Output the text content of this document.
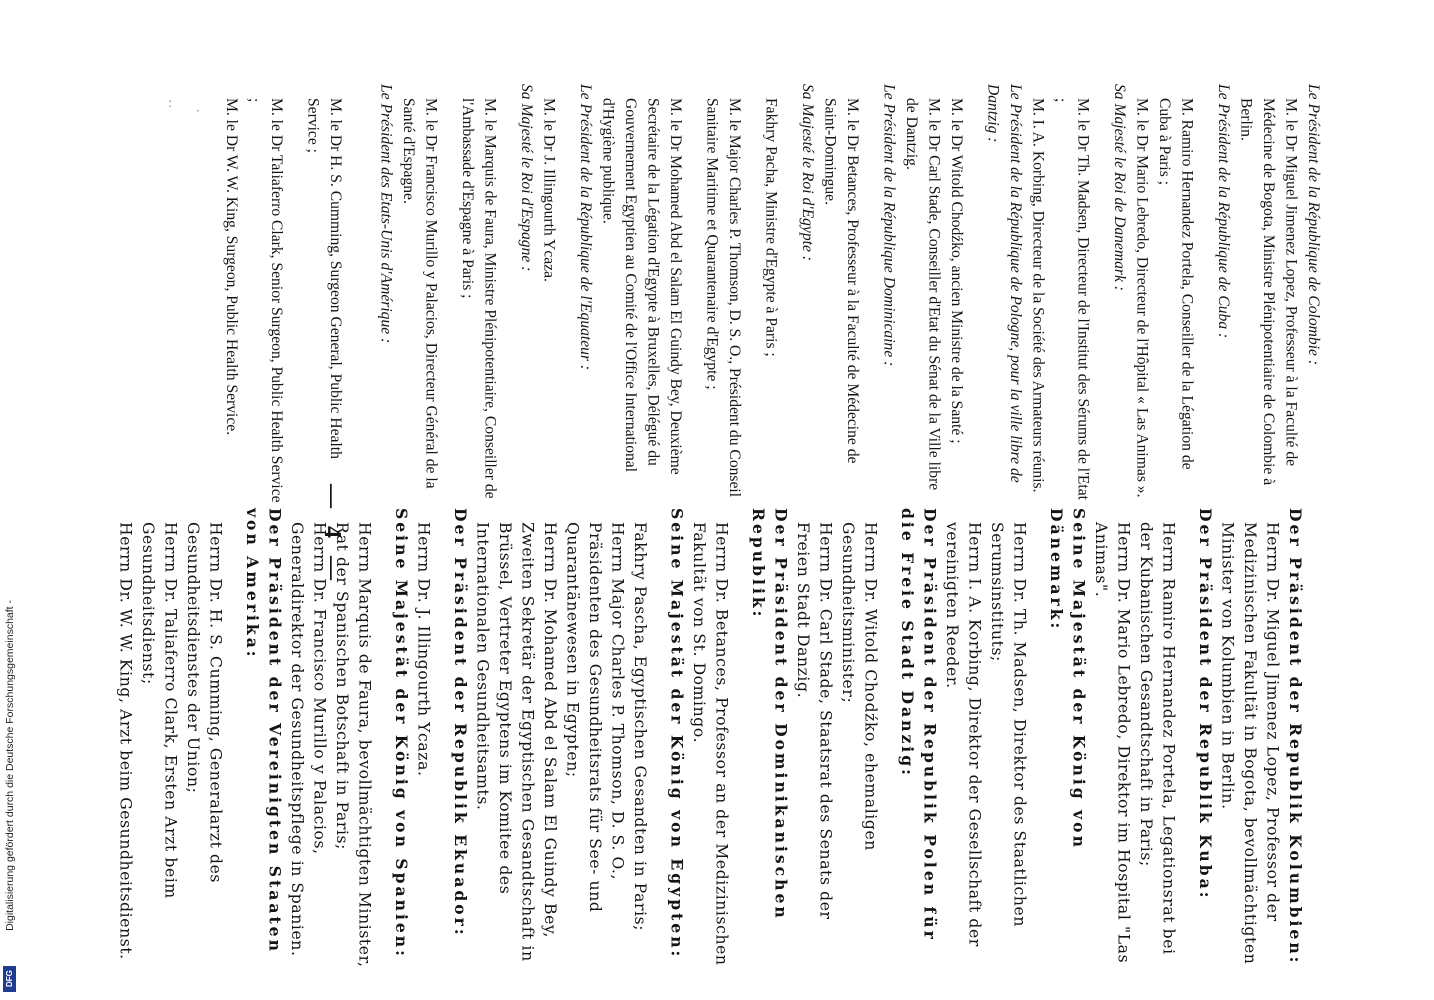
Le Président de la République de Colombie :

M. le Dr Miguel Jimenez Lopez, Professeur à la Faculté de Médecine de Bogota, Ministre Plénipotentiaire de Colombie à Berlin.

Le Président de la République de Cuba :

M. Ramiro Hernandez Portela, Conseiller de la Légation de Cuba à Paris ;

M. le Dr Mario Lebredo, Directeur de l'Hôpital « Las Animas ».

Sa Majesté le Roi de Danemark :

M. le Dr Th. Madsen, Directeur de l'Institut des Sérums de l'Etat ;

M. I. A. Korbing, Directeur de la Société des Armateurs réunis.

Le Président de la République de Pologne, pour la ville libre de Dantzig :

M. le Dr Witold Chodźko, ancien Ministre de la Santé ;

M. le Dr Carl Stade, Conseiller d'Etat du Sénat de la Ville libre de Dantzig.

Le Président de la République Dominicaine :

M. le Dr Betances, Professeur à la Faculté de Médecine de Saint-Domingue.

Sa Majesté le Roi d'Egypte :

Fakhry Pacha, Ministre d'Egypte à Paris ;

M. le Major Charles P. Thomson, D. S. O., Président du Conseil Sanitaire Maritime et Quarantenaire d'Egypte ;

M. le Dr Mohamed Abd el Salam El Guindy Bey, Deuxième Secrétaire de la Légation d'Egypte à Bruxelles, Délégué du Gouvernement Egyptien au Comité de l'Office International d'Hygiène publique.

Le Président de la République de l'Equateur :

M. le Dr J. Illingourth Ycaza.

Sa Majesté le Roi d'Espagne :

M. le Marquis de Faura, Ministre Plénipotentiaire, Conseiller de l'Ambassade d'Espagne à Paris ;

M. le Dr Francisco Murillo y Palacios, Directeur Général de la Santé d'Espagne.

Le Président des Etats-Unis d'Amérique :

M. le Dr H. S. Cumming, Surgeon General, Public Health Service ;

M. le Dr Taliaferro Clark, Senior Surgeon, Public Health Service ;

M. le Dr W. W. King, Surgeon, Public Health Service.

— 4 —	Der Präsident der Republik Kolumbien:

Herrn Dr. Miguel Jimenez Lopez, Professor der Medizinischen Fakultät in Bogota, bevollmächtigten Minister von Kolumbien in Berlin.

Der Präsident der Republik Kuba:

Herrn Ramiro Hernandez Portela, Legationsrat bei der Kubanischen Gesandtschaft in Paris;

Herrn Dr. Mario Lebredo, Direktor im Hospital "Las Animas".

Seine Majestät der König von Dänemark:

Herrn Dr. Th. Madsen, Direktor des Staatlichen Serumsinstituts;

Herrn I. A. Korbing, Direktor der Gesellschaft der vereinigten Reeder.

Der Präsident der Republik Polen für die Freie Stadt Danzig:

Herrn Dr. Witold Chodźko, ehemaligen Gesundheitsminister;

Herrn Dr. Carl Stade, Staatsrat des Senats der Freien Stadt Danzig.

Der Präsident der Dominikanischen Republik:

Herrn Dr. Betances, Professor an der Medizinischen Fakultät von St. Domingo.

Seine Majestät der König von Egypten:

Fakhry Pascha, Egyptischen Gesandten in Paris;

Herrn Major Charles P. Thomson, D. S. O., Präsidenten des Gesundheitsrats für See- und Quarantänewesen in Egypten;

Herrn Dr. Mohamed Abd el Salam El Guindy Bey, Zweiten Sekretär der Egyptischen Gesandtschaft in Brüssel, Vertreter Egyptens im Komitee des Internationalen Gesundheitsamts.

Der Präsident der Republik Ekuador:

Herrn Dr. J. Illingourth Ycaza.

Seine Majestät der König von Spanien:

Herrn Marquis de Faura, bevollmächtigten Minister, Rat der Spanischen Botschaft in Paris;

Herrn Dr. Francisco Murillo y Palacios, Generaldirektor der Gesundheitspflege in Spanien.

Der Präsident der Vereinigten Staaten von Amerika:

Herrn Dr. H. S. Cumming, Generalarzt des Gesundheitsdienstes der Union;

Herrn Dr. Taliaferro Clark, Ersten Arzt beim Gesundheitsdienst;

Herrn Dr. W. W. King, Arzt beim Gesundheitsdienst.

:
·
Digitalisierung gefördert durch die Deutsche Forschungsgemeinschaft -
DFG
